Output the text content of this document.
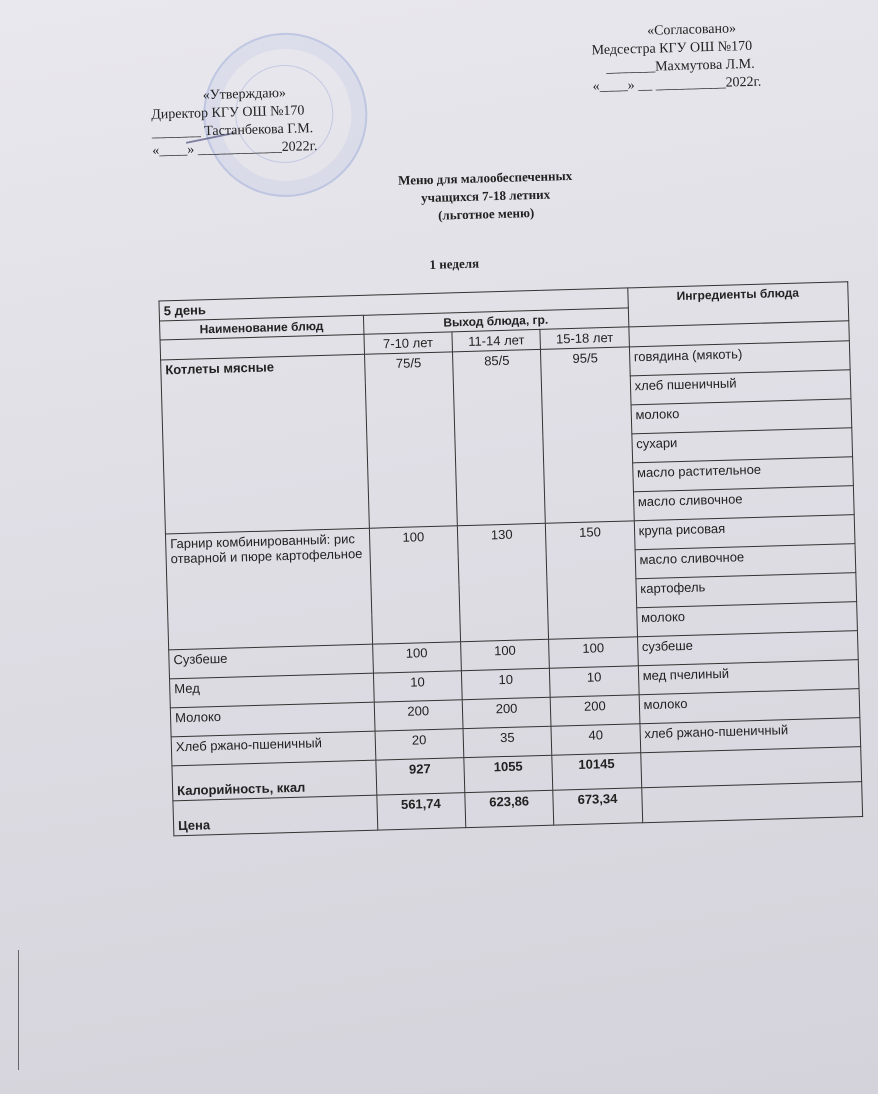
«Утверждаю»
Директор КГУ ОШ №170
_______ Тастанбекова Г.М.
«____» ____________2022г.
«Согласовано»
Медсестра КГУ ОШ №170
_______Махмутова Л.М.
«____» __ __________2022г.
Меню для малообеспеченных
учащихся 7-18 летних
(льготное меню)
1 неделя
5 день				Ингредиенты блюда
Наименование блюд	Выход блюда, гр.			
	7-10 лет	11-14 лет	15-18 лет	
Котлеты мясные	75/5	85/5	95/5	говядина (мякоть)
				хлеб пшеничный
				молоко
				сухари
				масло растительное
				масло сливочное
Гарнир комбинированный: рис отварной и пюре картофельное	100	130	150	крупа рисовая
				масло сливочное
				картофель
				молоко
Сузбеше	100	100	100	сузбеше
Мед	10	10	10	мед пчелиный
Молоко	200	200	200	молоко
Хлеб ржано-пшеничный	20	35	40	хлеб ржано-пшеничный
Калорийность, ккал	927	1055	10145	
Цена	561,74	623,86	673,34	
